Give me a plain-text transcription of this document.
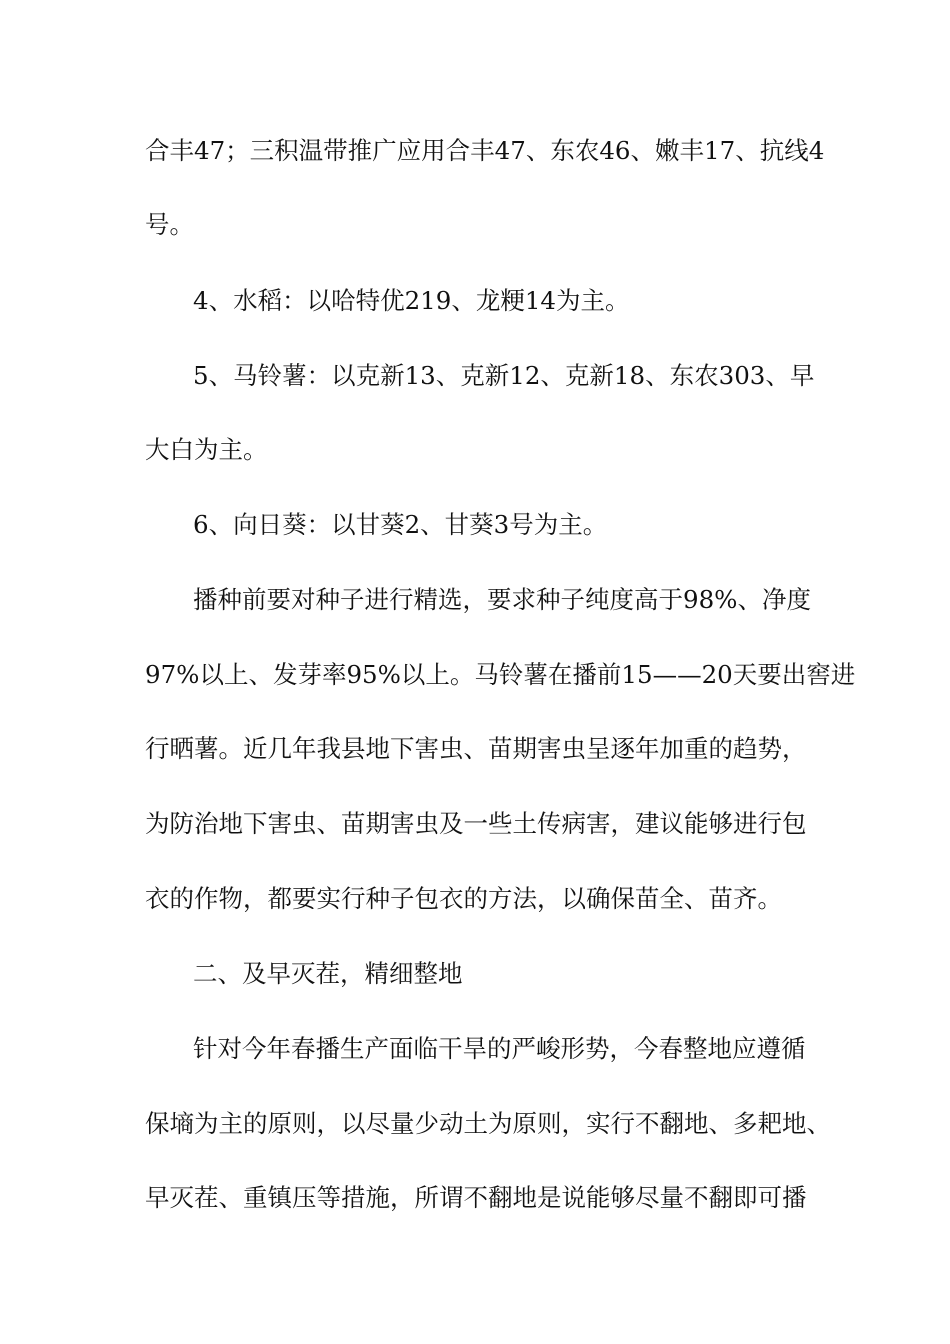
合丰47；三积温带推广应用合丰47、东农46、嫩丰17、抗线4
号。
4、水稻：以哈特优219、龙粳14为主。
5、马铃薯：以克新13、克新12、克新18、东农303、早
大白为主。
6、向日葵：以甘葵2、甘葵3号为主。
播种前要对种子进行精选，要求种子纯度高于98%、净度
97%以上、发芽率95%以上。马铃薯在播前15——20天要出窖进
行晒薯。近几年我县地下害虫、苗期害虫呈逐年加重的趋势，
为防治地下害虫、苗期害虫及一些土传病害，建议能够进行包
衣的作物，都要实行种子包衣的方法，以确保苗全、苗齐。
二、及早灭茬，精细整地
针对今年春播生产面临干旱的严峻形势，今春整地应遵循
保墒为主的原则，以尽量少动土为原则，实行不翻地、多耙地、
早灭茬、重镇压等措施，所谓不翻地是说能够尽量不翻即可播
